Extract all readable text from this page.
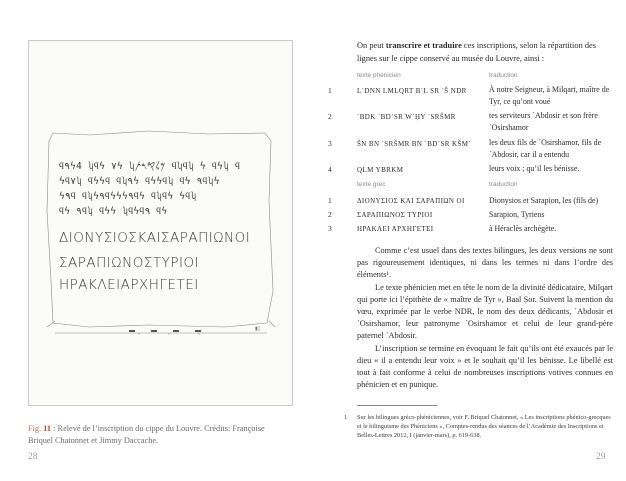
▮▯
ϥ٩ϟ4 ʮϥϟ ٧ϟ ʮ𐤌𐤋𐤒𐤓𐤕 ϥʮϥʮ ϟ ϥϟʮ ϥ
ϟϥ٧ʮ ϥϟϟϥ ϥʮ٩ϟ ϥϟϟϥʮ ϥϟ ٩ϥʮϟ
ϟ٩ϥ ϥʮϟ٩ϥϟϟϟ٩ϥϟ ϥʮϥϟ ϟϥʮ
ϥϟ ٩ϥʮ ϥϟϟ ʮϥϟϥ٩ ϥϟ
ΔΙΟΝΥΣΙΟΣΚΑΙΣΑΡΑΠΙΩΝΟΙ
ΣΑΡΑΠΙΩΝΟΣΤΥΡΙΟΙ
ΗΡΑΚΛΕΙΑΡΧΗΓΕΤΕΙ
Fig. 11 : Relevé de l’inscription du cippe du Louvre. Crédits: Françoise Briquel Chatonnet et Jimmy Daccache.
28

On peut transcrire et traduire ces inscriptions, selon la répartition des lignes sur le cippe conservé au musée du Louvre, ainsi :

texte phénicien	traduction
1	L᾿DNN LMLQRT B᾿L ṢR ᾿Š NDR	À notre Seigneur, à Milqart, maître de Tyr, ce qu’ont voué
2	᾿BDK ᾿BD᾿SR W᾿ḤY ᾿SRŠMR	tes serviteurs ᾿Abdosir et son frère ᾿Osirshamor
3	ŠN BN ᾿SRŠMR BN ᾿BD᾿SR KŠM᾿	les deux fils de ᾿Osirshamor, fils de ᾿Abdosir, car il a entendu
4	QLM YBRKM	leurs voix ; qu’il les bénisse.
texte grec	traduction
1	ΔΙΟΝΥΣΙΟΣ ΚΑΙ ΣΑΡΑΠΙΩΝ ΟΙ	Dionysios et Sarapion, les (fils de)
2	ΣΑΡΑΠΙΩΝΟΣ ΤΥΡΙΟΙ	Sarapion, Tyriens
3	ΗΡΑΚΛΕΙ ΑΡΧΗΓΕΤΕΙ	à Héraclès archégète.

Comme c’est usuel dans des textes bilingues, les deux versions ne sont pas rigoureusement identiques, ni dans les termes ni dans l’ordre des éléments¹.

Le texte phénicien met en tête le nom de la divinité dédicataire, Milqart qui porte ici l’épithète de « maître de Tyr », Baal Ṣor. Suivent la mention du vœu, exprimée par le verbe NDR, le nom des deux dédicants, ᾿Abdosir et ᾿Osirshamor, leur patronyme ᾿Osirshamor et celui de leur grand-père paternel ᾿Abdosir.

L’inscription se termine en évoquant le fait qu’ils ont été exaucés par le dieu « il a entendu leur voix » et le souhait qu’il les bénisse. Le libellé est tout à fait conforme à celui de nombreuses inscriptions votives connues en phénicien et en punique.

1 Sur les bilingues gréco-phéniciennes, voir F. Briquel Chatonnet, « Les inscriptions phénico-grecques et le bilinguisme des Phéniciens », Comptes-rendus des séances de l’Académie des Inscriptions et Belles-Lettres 2012, I (janvier-mars), p. 619-638.

29
